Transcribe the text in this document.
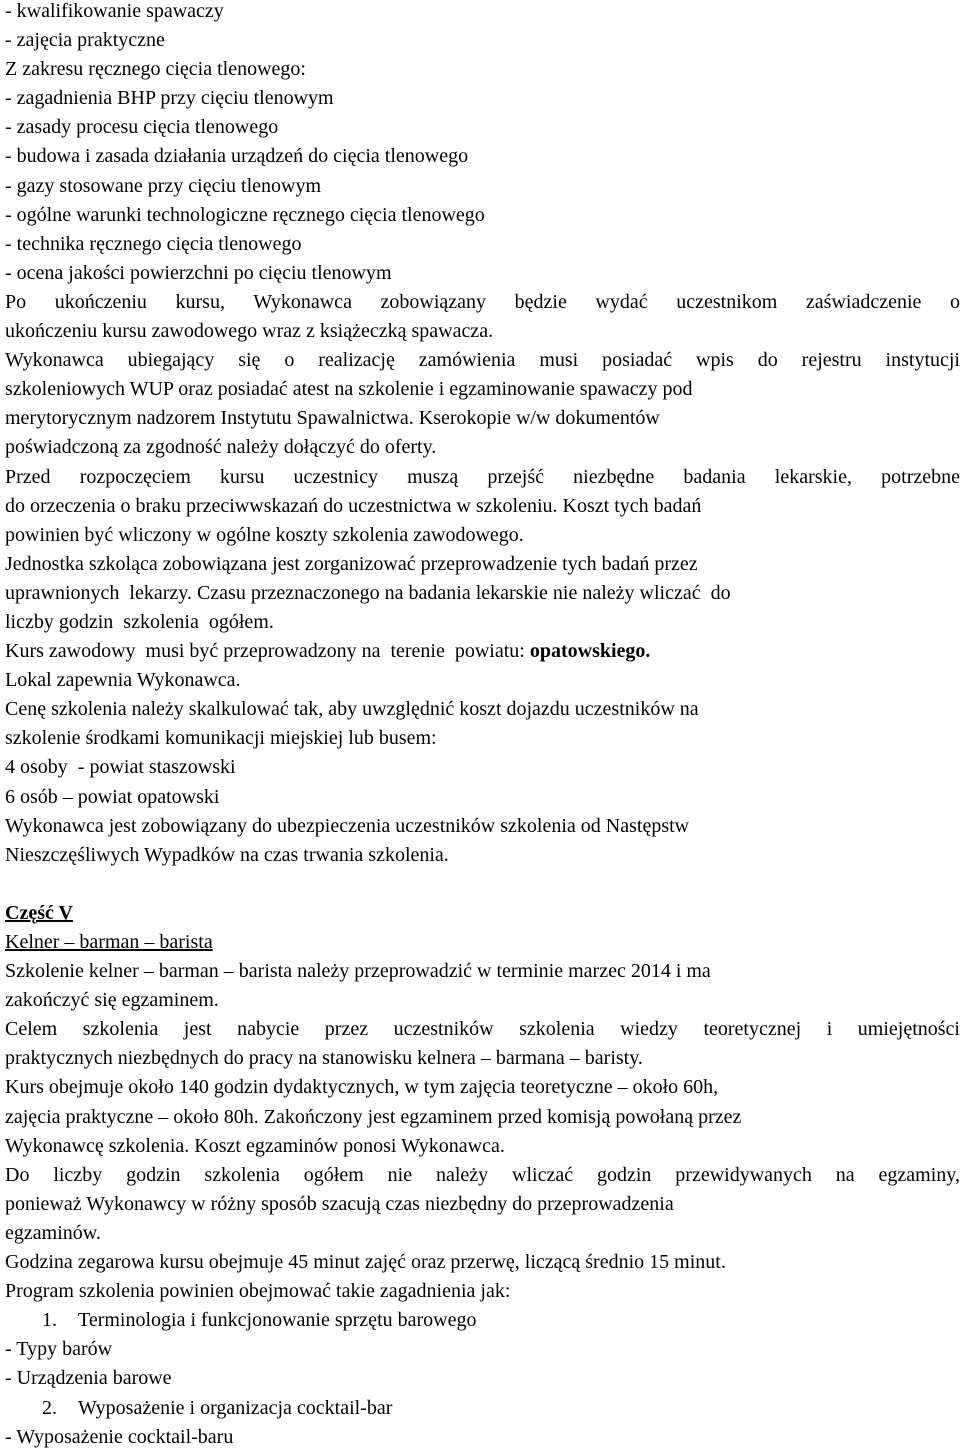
- kwalifikowanie spawaczy
- zajęcia praktyczne
Z zakresu ręcznego cięcia tlenowego:
- zagadnienia BHP przy cięciu tlenowym
- zasady procesu cięcia tlenowego
- budowa i zasada działania urządzeń do cięcia tlenowego
- gazy stosowane przy cięciu tlenowym
- ogólne warunki technologiczne ręcznego cięcia tlenowego
- technika ręcznego cięcia tlenowego
- ocena jakości powierzchni po cięciu tlenowym
Po ukończeniu kursu, Wykonawca zobowiązany będzie wydać uczestnikom zaświadczenie o
ukończeniu kursu zawodowego wraz z książeczką spawacza.
Wykonawca ubiegający się o realizację zamówienia musi posiadać wpis do rejestru instytucji
szkoleniowych WUP oraz posiadać atest na szkolenie i egzaminowanie spawaczy pod
merytorycznym nadzorem Instytutu Spawalnictwa. Kserokopie w/w dokumentów
poświadczoną za zgodność należy dołączyć do oferty.
Przed rozpoczęciem kursu uczestnicy muszą przejść niezbędne badania lekarskie, potrzebne
do orzeczenia o braku przeciwwskazań do uczestnictwa w szkoleniu. Koszt tych badań
powinien być wliczony w ogólne koszty szkolenia zawodowego.
Jednostka szkoląca zobowiązana jest zorganizować przeprowadzenie tych badań przez
uprawnionych  lekarzy. Czasu przeznaczonego na badania lekarskie nie należy wliczać  do
liczby godzin  szkolenia  ogółem.
Kurs zawodowy  musi być przeprowadzony na  terenie  powiatu: opatowskiego.
Lokal zapewnia Wykonawca.
Cenę szkolenia należy skalkulować tak, aby uwzględnić koszt dojazdu uczestników na
szkolenie środkami komunikacji miejskiej lub busem:
4 osoby  - powiat staszowski
6 osób – powiat opatowski
Wykonawca jest zobowiązany do ubezpieczenia uczestników szkolenia od Następstw
Nieszczęśliwych Wypadków na czas trwania szkolenia.
Część V
Kelner – barman – barista
Szkolenie kelner – barman – barista należy przeprowadzić w terminie marzec 2014 i ma
zakończyć się egzaminem.
Celem szkolenia jest nabycie przez uczestników szkolenia wiedzy teoretycznej i umiejętności
praktycznych niezbędnych do pracy na stanowisku kelnera – barmana – baristy.
Kurs obejmuje około 140 godzin dydaktycznych, w tym zajęcia teoretyczne – około 60h,
zajęcia praktyczne – około 80h. Zakończony jest egzaminem przed komisją powołaną przez
Wykonawcę szkolenia. Koszt egzaminów ponosi Wykonawca.
Do liczby godzin szkolenia ogółem nie należy wliczać godzin przewidywanych na egzaminy,
ponieważ Wykonawcy w różny sposób szacują czas niezbędny do przeprowadzenia
egzaminów.
Godzina zegarowa kursu obejmuje 45 minut zajęć oraz przerwę, liczącą średnio 15 minut.
Program szkolenia powinien obejmować takie zagadnienia jak:
1. Terminologia i funkcjonowanie sprzętu barowego
- Typy barów
- Urządzenia barowe
2. Wyposażenie i organizacja cocktail-bar
- Wyposażenie cocktail-baru
